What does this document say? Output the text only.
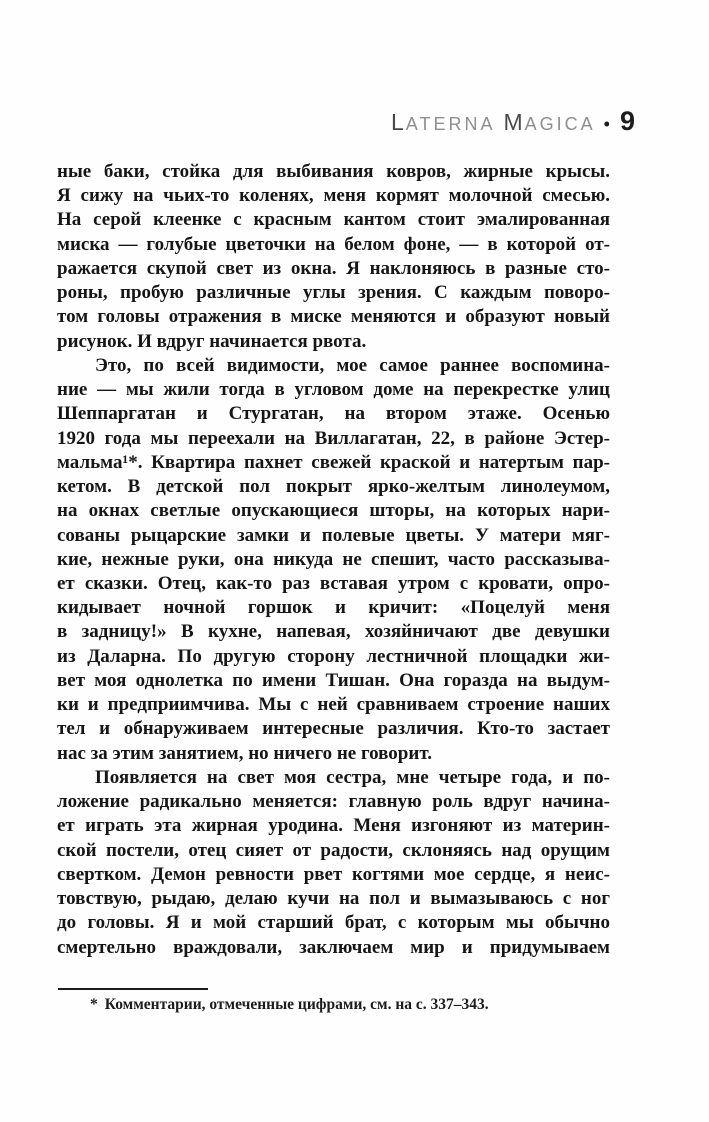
LATERNA MAGICA • 9
ные баки, стойка для выбивания ковров, жирные крысы.
Я сижу на чьих-то коленях, меня кормят молочной смесью.
На серой клеенке с красным кантом стоит эмалированная
миска — голубые цветочки на белом фоне, — в которой от-
ражается скупой свет из окна. Я наклоняюсь в разные сто-
роны, пробую различные углы зрения. С каждым поворо-
том головы отражения в миске меняются и образуют новый
рисунок. И вдруг начинается рвота.
Это, по всей видимости, мое самое раннее воспомина-
ние — мы жили тогда в угловом доме на перекрестке улиц
Шеппаргатан и Стургатан, на втором этаже. Осенью
1920 года мы переехали на Виллагатан, 22, в районе Эстер-
мальма¹*. Квартира пахнет свежей краской и натертым пар-
кетом. В детской пол покрыт ярко-желтым линолеумом,
на окнах светлые опускающиеся шторы, на которых нари-
сованы рыцарские замки и полевые цветы. У матери мяг-
кие, нежные руки, она никуда не спешит, часто рассказыва-
ет сказки. Отец, как-то раз вставая утром с кровати, опро-
кидывает ночной горшок и кричит: «Поцелуй меня
в задницу!» В кухне, напевая, хозяйничают две девушки
из Даларна. По другую сторону лестничной площадки жи-
вет моя однолетка по имени Тишан. Она горазда на выдум-
ки и предприимчива. Мы с ней сравниваем строение наших
тел и обнаруживаем интересные различия. Кто-то застает
нас за этим занятием, но ничего не говорит.
Появляется на свет моя сестра, мне четыре года, и по-
ложение радикально меняется: главную роль вдруг начина-
ет играть эта жирная уродина. Меня изгоняют из материн-
ской постели, отец сияет от радости, склоняясь над орущим
свертком. Демон ревности рвет когтями мое сердце, я неис-
товствую, рыдаю, делаю кучи на пол и вымазываюсь с ног
до головы. Я и мой старший брат, с которым мы обычно
смертельно враждовали, заключаем мир и придумываем
* Комментарии, отмеченные цифрами, см. на с. 337–343.
